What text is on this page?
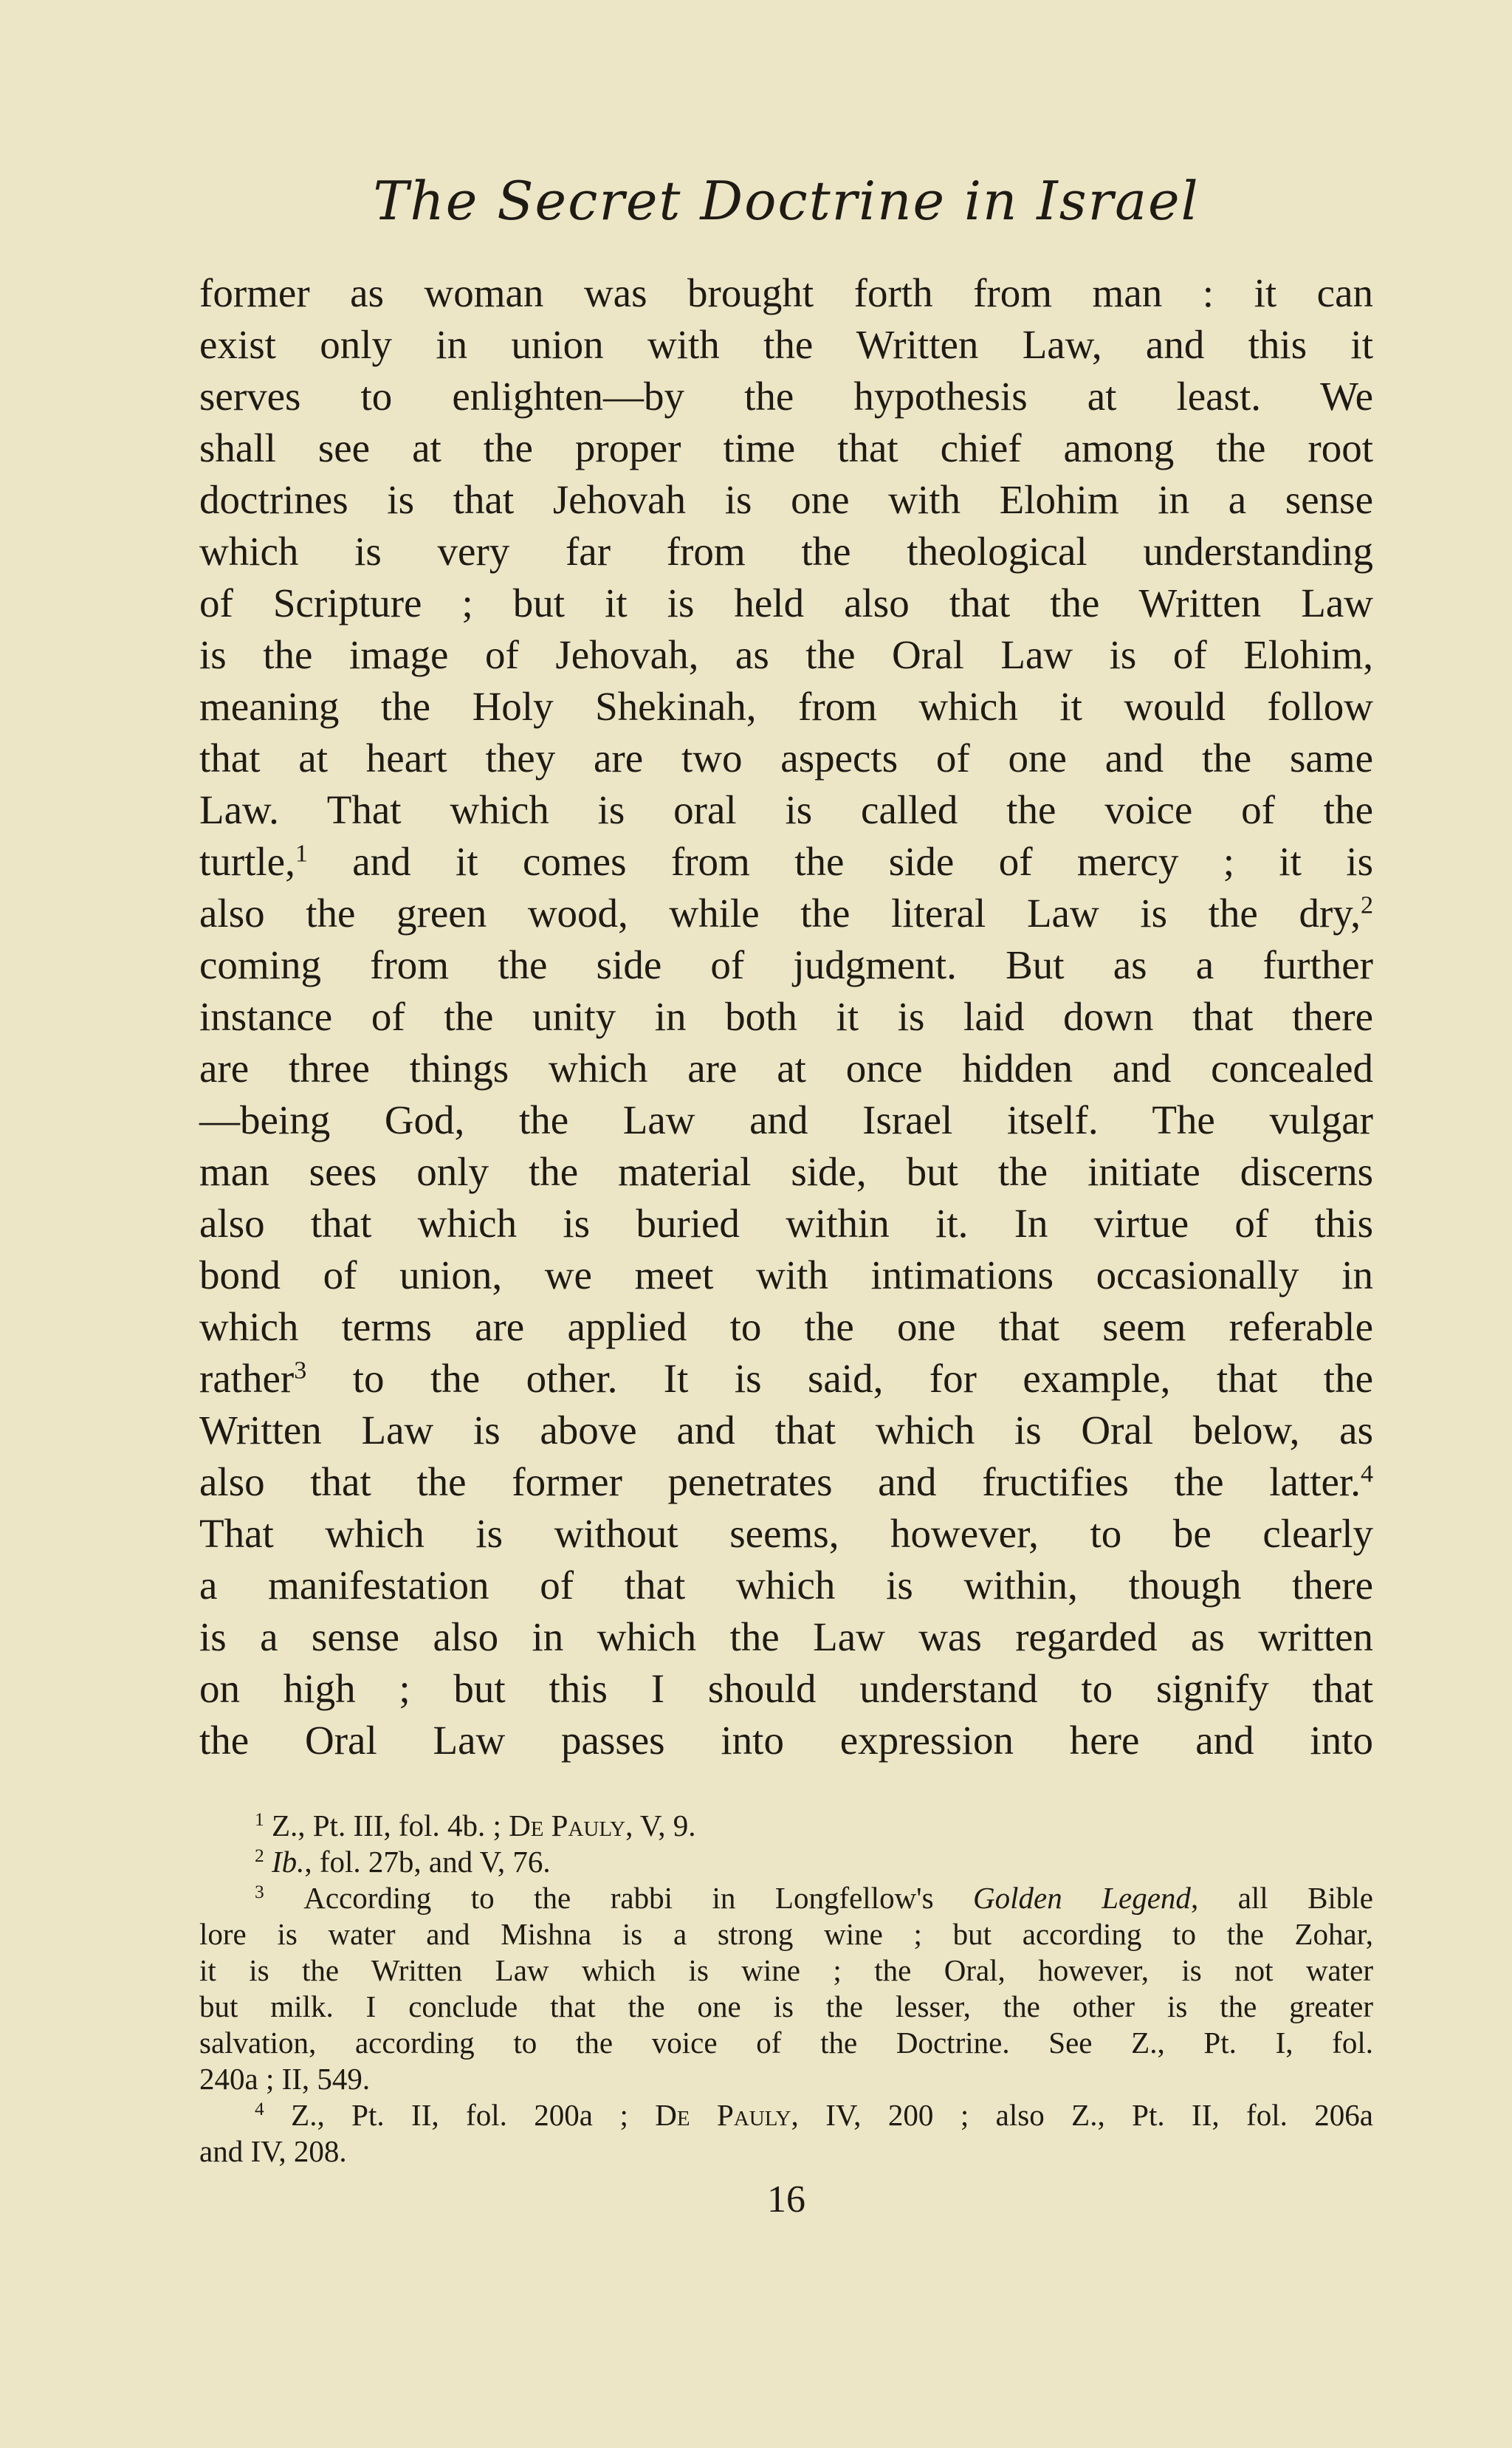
The Secret Doctrine in Israel
former as woman was brought forth from man : it can
exist only in union with the Written Law, and this it
serves to enlighten—by the hypothesis at least. We
shall see at the proper time that chief among the root
doctrines is that Jehovah is one with Elohim in a sense
which is very far from the theological understanding
of Scripture ; but it is held also that the Written Law
is the image of Jehovah, as the Oral Law is of Elohim,
meaning the Holy Shekinah, from which it would follow
that at heart they are two aspects of one and the same
Law. That which is oral is called the voice of the
turtle,$^1$ and it comes from the side of mercy ; it is
also the green wood, while the literal Law is the dry,$^2$
coming from the side of judgment. But as a further
instance of the unity in both it is laid down that there
are three things which are at once hidden and concealed
—being God, the Law and Israel itself. The vulgar
man sees only the material side, but the initiate discerns
also that which is buried within it. In virtue of this
bond of union, we meet with intimations occasionally in
which terms are applied to the one that seem referable
rather$^3$ to the other. It is said, for example, that the
Written Law is above and that which is Oral below, as
also that the former penetrates and fructifies the latter.$^4$
That which is without seems, however, to be clearly
a manifestation of that which is within, though there
is a sense also in which the Law was regarded as written
on high ; but this I should understand to signify that
the Oral Law passes into expression here and into
$^1$ Z., Pt. III, fol. 4b. ; De Pauly, V, 9.
$^2$ Ib., fol. 27b, and V, 76.
$^3$ According to the rabbi in Longfellow's Golden Legend, all Bible
lore is water and Mishna is a strong wine ; but according to the Zohar,
it is the Written Law which is wine ; the Oral, however, is not water
but milk. I conclude that the one is the lesser, the other is the greater
salvation, according to the voice of the Doctrine. See Z., Pt. I, fol.
240a ; II, 549.
$^4$ Z., Pt. II, fol. 200a ; De Pauly, IV, 200 ; also Z., Pt. II, fol. 206a
and IV, 208.
16
